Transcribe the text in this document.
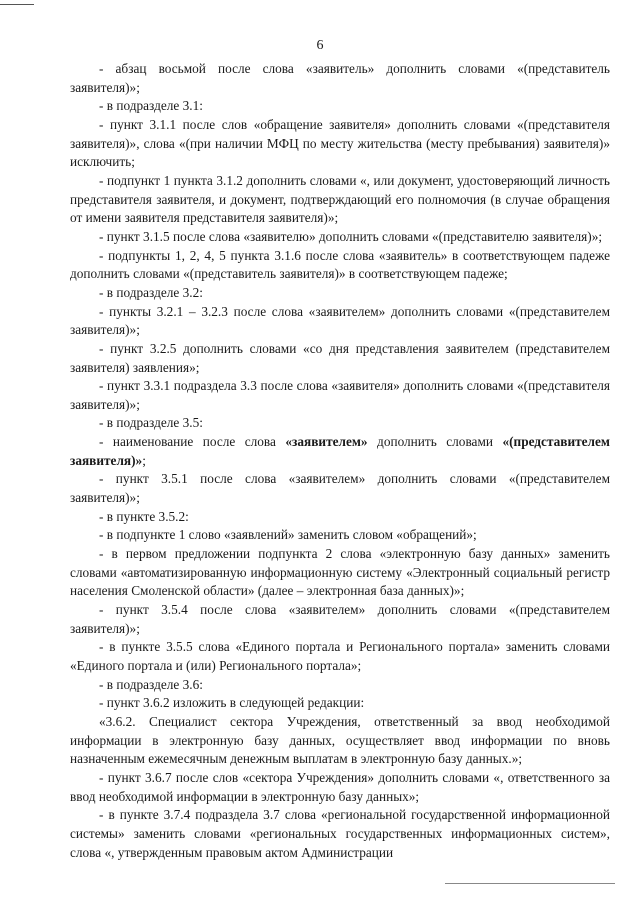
6

- абзац восьмой после слова «заявитель» дополнить словами «(представитель заявителя)»;

- в подразделе 3.1:

- пункт 3.1.1 после слов «обращение заявителя» дополнить словами «(представителя заявителя)», слова «(при наличии МФЦ по месту жительства (месту пребывания) заявителя)» исключить;

- подпункт 1 пункта 3.1.2 дополнить словами «, или документ, удостоверяющий личность представителя заявителя, и документ, подтверждающий его полномочия (в случае обращения от имени заявителя представителя заявителя)»;

- пункт 3.1.5 после слова «заявителю» дополнить словами «(представителю заявителя)»;

- подпункты 1, 2, 4, 5 пункта 3.1.6 после слова «заявитель» в соответствующем падеже дополнить словами «(представитель заявителя)» в соответствующем падеже;

- в подразделе 3.2:

- пункты 3.2.1 – 3.2.3 после слова «заявителем» дополнить словами «(представителем заявителя)»;

- пункт 3.2.5 дополнить словами «со дня представления заявителем (представителем заявителя) заявления»;

- пункт 3.3.1 подраздела 3.3 после слова «заявителя» дополнить словами «(представителя заявителя)»;

- в подразделе 3.5:

- наименование после слова «заявителем» дополнить словами «(представителем заявителя)»;

- пункт 3.5.1 после слова «заявителем» дополнить словами «(представителем заявителя)»;

- в пункте 3.5.2:

- в подпункте 1 слово «заявлений» заменить словом «обращений»;

- в первом предложении подпункта 2 слова «электронную базу данных» заменить словами «автоматизированную информационную систему «Электронный социальный регистр населения Смоленской области» (далее – электронная база данных)»;

- пункт 3.5.4 после слова «заявителем» дополнить словами «(представителем заявителя)»;

- в пункте 3.5.5 слова «Единого портала и Регионального портала» заменить словами «Единого портала и (или) Регионального портала»;

- в подразделе 3.6:

- пункт 3.6.2 изложить в следующей редакции:

«3.6.2. Специалист сектора Учреждения, ответственный за ввод необходимой информации в электронную базу данных, осуществляет ввод информации по вновь назначенным ежемесячным денежным выплатам в электронную базу данных.»;

- пункт 3.6.7 после слов «сектора Учреждения» дополнить словами «, ответственного за ввод необходимой информации в электронную базу данных»;

- в пункте 3.7.4 подраздела 3.7 слова «региональной государственной информационной системы» заменить словами «региональных государственных информационных систем», слова «, утвержденным правовым актом Администрации
